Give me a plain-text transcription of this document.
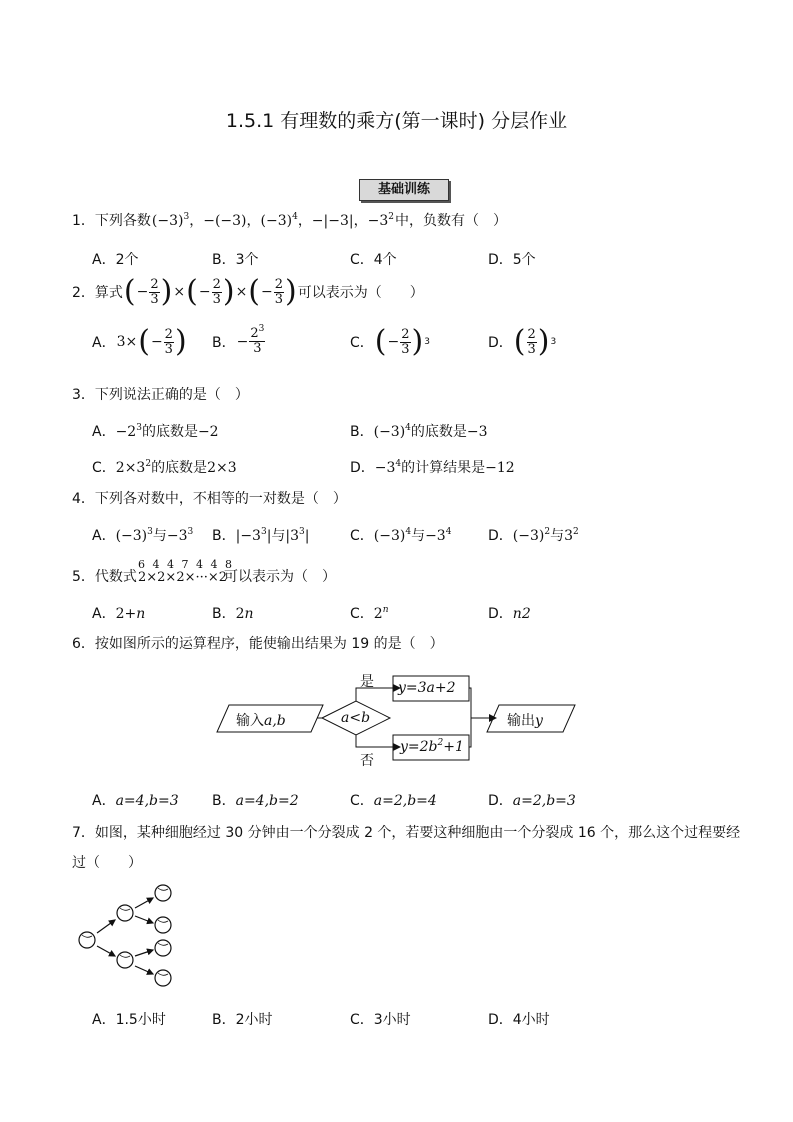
1.5.1 有理数的乘方(第一课时) 分层作业
基础训练
1．下列各数 $(-3)^3$，−(−3)，$(-3)^4$，−|−3|，$-3^2$ 中，负数有（　）
A．2个	B．3个	C．4个	D．5个
2．算式 ( − $\frac{2}{3}$ ) × ( − $\frac{2}{3}$ ) × ( − $\frac{2}{3}$ ) 可以表示为（　　）
A． 3× ( − $\frac{2}{3}$ ) B． − $\frac{2^3}{3}$	C． ( − $\frac{2}{3}$ ) 3	D． ( $\frac{2}{3}$ ) 3
3．下列说法正确的是（　）
A．$-2^3$的底数是−2	B．$(-3)^4$的底数是−3
C．$2\times 3^2$的底数是2×3	D．$-3^4$的计算结果是−12
4．下列各对数中，不相等的一对数是（　）
A．$(-3)^3$与$-3^3$ B．$|-3^3|$与$|3^3|$	C．$(-3)^4$与$-3^4$	D．$(-3)^2$与$3^2$
5．代数式
6 4 4 7 4 4 8
2×2×2×···×2
可以表示为（　）
A．2+n	B．2n	C．2$^n$	D．n2
6．按如图所示的运算程序，能使输出结果为 19 的是（　）
输入a,b	a<b
是
否
y=3a+2
$y=2b^2+1$
输出y
A．a=4,b=3 B．a=4,b=2	C．a=2,b=4	D．a=2,b=3
7．如图，某种细胞经过 30 分钟由一个分裂成 2 个，若要这种细胞由一个分裂成 16 个，那么这个过程要经
过（　　）
A．1.5小时	B．2小时	C．3小时	D．4小时
